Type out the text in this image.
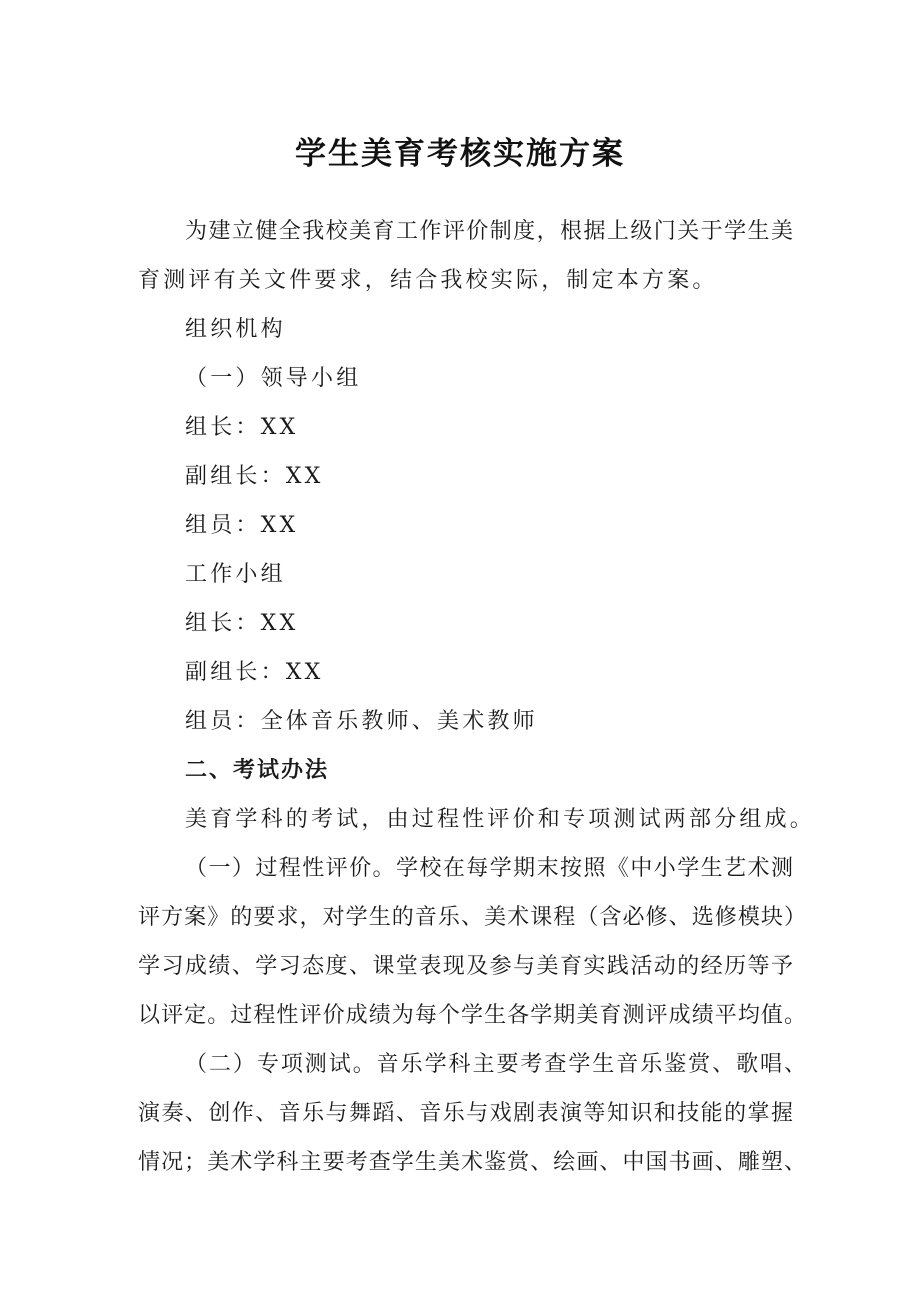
学生美育考核实施方案
为建立健全我校美育工作评价制度，根据上级门关于学生美
育测评有关文件要求，结合我校实际，制定本方案。
组织机构
（一）领导小组
组长：XX
副组长：XX
组员：XX
工作小组
组长：XX
副组长：XX
组员：全体音乐教师、美术教师
二、考试办法
美育学科的考试，由过程性评价和专项测试两部分组成。
（一）过程性评价。学校在每学期末按照《中小学生艺术测
评方案》的要求，对学生的音乐、美术课程（含必修、选修模块）
学习成绩、学习态度、课堂表现及参与美育实践活动的经历等予
以评定。过程性评价成绩为每个学生各学期美育测评成绩平均值。
（二）专项测试。音乐学科主要考查学生音乐鉴赏、歌唱、
演奏、创作、音乐与舞蹈、音乐与戏剧表演等知识和技能的掌握
情况；美术学科主要考查学生美术鉴赏、绘画、中国书画、雕塑、
